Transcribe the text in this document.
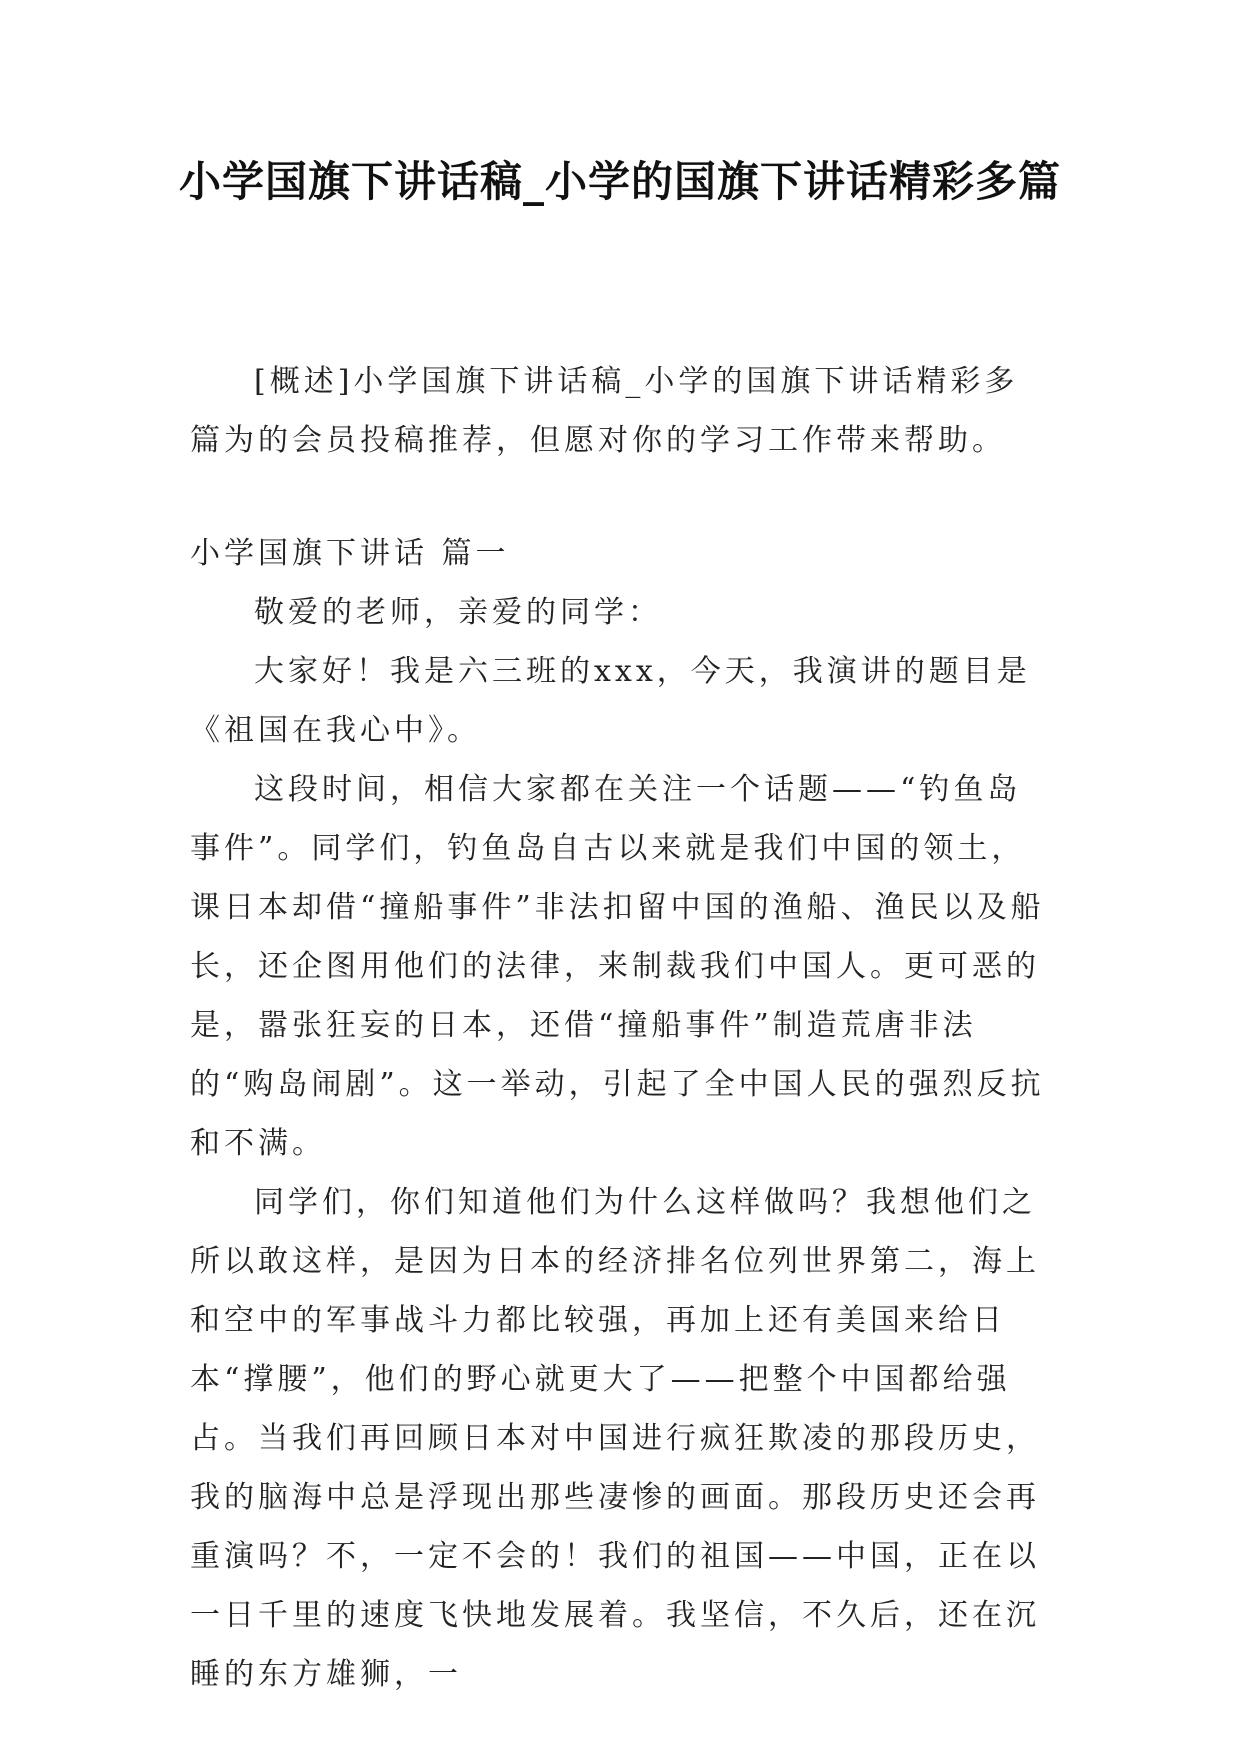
小学国旗下讲话稿_小学的国旗下讲话精彩多篇
[概述]小学国旗下讲话稿_小学的国旗下讲话精彩多篇为的会员投稿推荐，但愿对你的学习工作带来帮助。
小学国旗下讲话 篇一

敬爱的老师，亲爱的同学：

大家好！我是六三班的xxx，今天，我演讲的题目是《祖国在我心中》。

这段时间，相信大家都在关注一个话题——“钓鱼岛事件”。同学们，钓鱼岛自古以来就是我们中国的领土，课日本却借“撞船事件”非法扣留中国的渔船、渔民以及船长，还企图用他们的法律，来制裁我们中国人。更可恶的是，嚣张狂妄的日本，还借“撞船事件”制造荒唐非法的“购岛闹剧”。这一举动，引起了全中国人民的强烈反抗和不满。

同学们，你们知道他们为什么这样做吗？我想他们之所以敢这样，是因为日本的经济排名位列世界第二，海上和空中的军事战斗力都比较强，再加上还有美国来给日本“撑腰”，他们的野心就更大了——把整个中国都给强占。当我们再回顾日本对中国进行疯狂欺凌的那段历史，我的脑海中总是浮现出那些凄惨的画面。那段历史还会再重演吗？不，一定不会的！我们的祖国——中国，正在以一日千里的速度飞快地发展着。我坚信，不久后，还在沉睡的东方雄狮，一
